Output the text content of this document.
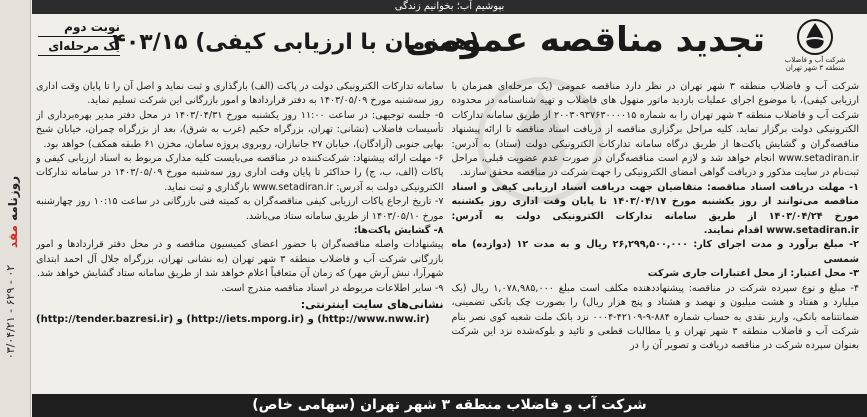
روزنامه مقد
۰۳/۰۴/۲۱ - ۶۲۹ - ۰۲
بپوشیم آب؛ بخوانیم زندگی
شرکت آب و فاضلاب
منطقه ۳ شهر تهران
تجدید مناقصه عمومی
(همزمان با ارزیابی کیفی) ۴۰۳/۱۵
نوبت دوم
یک مرحله‌ای

شرکت آب و فاضلاب منطقه ۳ شهر تهران در نظر دارد مناقصه عمومی (یک مرحله‌ای همزمان با ارزیابی کیفی)، با موضوع اجرای عملیات بازدید ماتور منهول های فاضلاب و تهیه شناسنامه در محدوده شرکت آب و فاضلاب منطقه ۳ شهر تهران را به شماره ۲۰۰۳۰۹۳۷۶۳۰۰۰۰۱۵ از طریق سامانه تدارکات الکترونیکی دولت برگزار نماید. کلیه مراحل برگزاری مناقصه از دریافت اسناد مناقصه تا ارائه پیشنهاد مناقصه‌گران و گشایش پاکت‌ها از طریق درگاه سامانه تدارکات الکترونیکی دولت (ستاد) به آدرس: www.setadiran.ir انجام خواهد شد و لازم است مناقصه‌گران در صورت عدم عضویت قبلی، مراحل ثبت‌نام در سایت مذکور و دریافت گواهی امضای الکترونیکی را جهت شرکت در مناقصه محقق سازند.

۱- مهلت دریافت اسناد مناقصه: متقاضیان جهت دریافت اسناد ارزیابی کیفی و اسناد مناقصه می‌توانند از روز یکشنبه مورخ ۱۴۰۳/۰۴/۱۷ تا پایان وقت اداری روز یکشنبه مورخ ۱۴۰۳/۰۴/۲۴ از طریق سامانه تدارکات الکترونیکی دولت به آدرس: www.setadiran.ir اقدام نمایند.

۲- مبلغ برآورد و مدت اجرای کار: ۲۶,۲۹۹,۵۰۰,۰۰۰ ریال و به مدت ۱۲ (دوازده) ماه شمسی

۳- محل اعتبار: از محل اعتبارات جاری شرکت

۴- مبلغ و نوع سپرده شرکت در مناقصه: پیشنهاددهنده مکلف است مبلغ ۱,۰۷۸,۹۸۵,۰۰۰ ریال (یک میلیارد و هفتاد و هشت میلیون و نهصد و هشتاد و پنج هزار ریال) را بصورت چک بانکی تضمینی، ضمانتنامه بانکی، واریز نقدی به حساب شماره ۸۸۴-۹-۴۲۱۰۹-۰۰۰۴ نزد بانک ملت شعبه کوی نصر بنام شرکت آب و فاضلاب منطقه ۳ شهر تهران و یا مطالبات قطعی و تائید و بلوکه‌شده نزد این شرکت بعنوان سپرده شرکت در مناقصه دریافت و تصویر آن را در

سامانه تدارکات الکترونیکی دولت در پاکت (الف) بارگذاری و ثبت نماید و اصل آن را تا پایان وقت اداری روز سه‌شنبه مورخ ۱۴۰۳/۰۵/۰۹ به دفتر قراردادها و امور بازرگانی این شرکت تسلیم نماید.

۵- جلسه توجیهی: در ساعت ۱۱:۰۰ روز یکشنبه مورخ ۱۴۰۳/۰۴/۳۱ در محل دفتر مدیر بهره‌برداری از تأسیسات فاضلاب (نشانی: تهران، بزرگراه حکیم (غرب به شرق)، بعد از بزرگراه چمران، خیابان شیخ بهایی جنوبی (آزادگان)، خیابان ۲۷ جانبازان، روبروی پروژه سامان، مخزن ۶۱ طبقه همکف) خواهد بود.

۶- مهلت ارائه پیشنهاد: شرکت‌کننده در مناقصه می‌بایست کلیه مدارک مربوط به اسناد ارزیابی کیفی و پاکات (الف، ب، ج) را حداکثر تا پایان وقت اداری روز سه‌شنبه مورخ ۱۴۰۳/۰۵/۰۹ در سامانه تدارکات الکترونیکی دولت به آدرس: www.setadiran.ir بارگذاری و ثبت نماید.

۷- تاریخ ارجاع پاکات ارزیابی کیفی مناقصه‌گران به کمیته فنی بازرگانی در ساعت ۱۰:۱۵ روز چهارشنبه مورخ ۱۴۰۳/۰۵/۱۰ از طریق سامانه ستاد می‌باشد.

۸- گشایش پاکت‌ها:

پیشنهادات واصله مناقصه‌گران با حضور اعضای کمیسیون مناقصه و در محل دفتر قراردادها و امور بازرگانی شرکت آب و فاضلاب منطقه ۳ شهر تهران (به نشانی تهران، بزرگراه جلال آل احمد ابتدای شهرآرا، نبش آرش مهر) که زمان آن متعاقباً اعلام خواهد شد از طریق سامانه ستاد گشایش خواهد شد.

۹- سایر اطلاعات مربوطه در اسناد مناقصه مندرج است.

نشانی‌های سایت اینترنتی:

(http://tender.bazresi.ir) و (http://iets.mporg.ir) و (http://www.nww.ir)

شرکت آب و فاضلاب منطقه ۳ شهر تهران (سهامی خاص)
